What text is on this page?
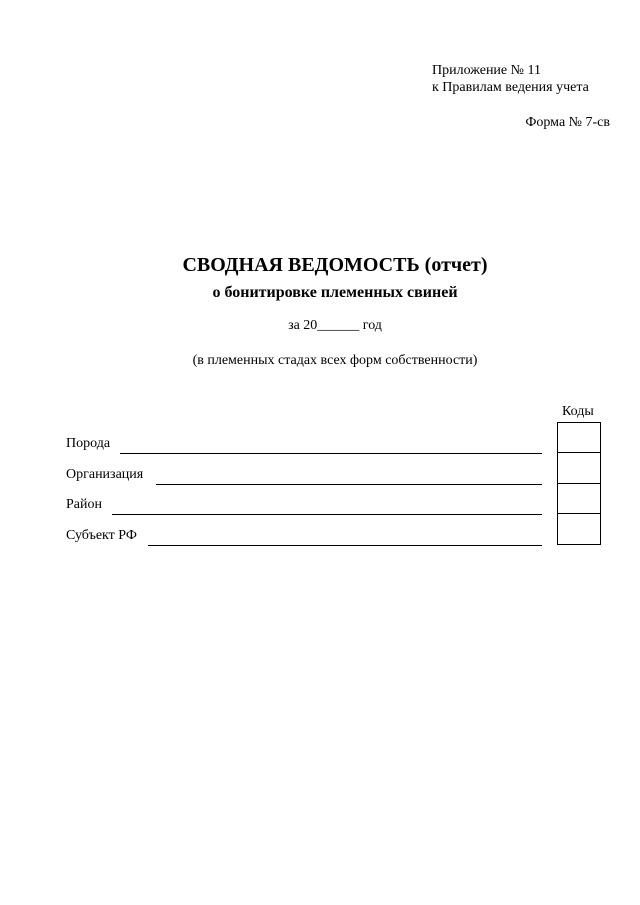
Приложение № 11
к Правилам ведения учета
Форма № 7-св
СВОДНАЯ ВЕДОМОСТЬ (отчет)
о бонитировке племенных свиней
за 20______ год
(в племенных стадах всех форм собственности)
Коды
Порода
Организация
Район
Субъект РФ
